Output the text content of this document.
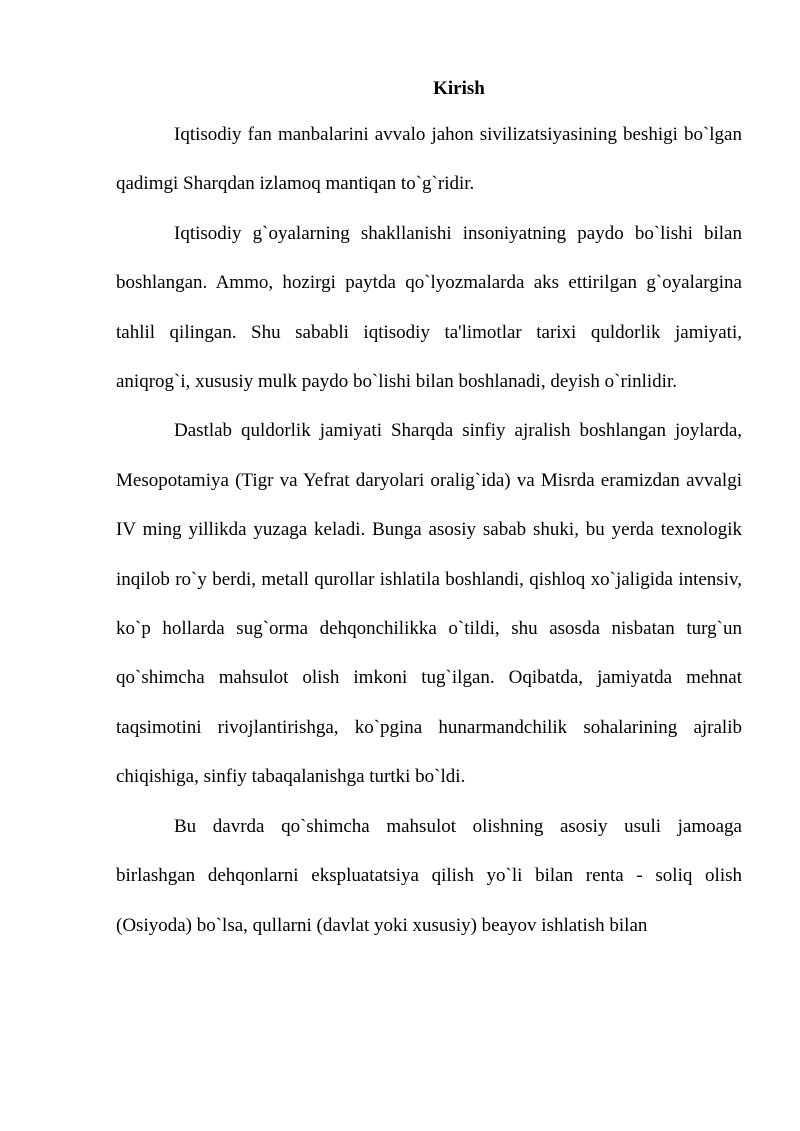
Kirish

Iqtisodiy fan manbalarini avvalo jahon sivilizatsiyasining beshigi bo`lgan qadimgi Sharqdan izlamoq mantiqan to`g`ridir.

Iqtisodiy g`oyalarning shakllanishi insoniyatning paydo bo`lishi bilan boshlangan. Ammo, hozirgi paytda qo`lyozmalarda aks ettirilgan g`oyalargina tahlil qilingan. Shu sababli iqtisodiy ta'limotlar tarixi quldorlik jamiyati, aniqrog`i, xususiy mulk paydo bo`lishi bilan boshlanadi, deyish o`rinlidir.

Dastlab quldorlik jamiyati Sharqda sinfiy ajralish boshlangan joylarda, Mesopotamiya (Tigr va Yefrat daryolari oralig`ida) va Misrda eramizdan avvalgi IV ming yillikda yuzaga keladi. Bunga asosiy sabab shuki, bu yerda texnologik inqilob ro`y berdi, metall qurollar ishlatila boshlandi, qishloq xo`jaligida intensiv, ko`p hollarda sug`orma dehqonchilikka o`tildi, shu asosda nisbatan turg`un qo`shimcha mahsulot olish imkoni tug`ilgan. Oqibatda, jamiyatda mehnat taqsimotini rivojlantirishga, ko`pgina hunarmandchilik sohalarining ajralib chiqishiga, sinfiy tabaqalanishga turtki bo`ldi.

Bu davrda qo`shimcha mahsulot olishning asosiy usuli jamoaga birlashgan dehqonlarni ekspluatatsiya qilish yo`li bilan renta - soliq olish (Osiyoda) bo`lsa, qullarni (davlat yoki xususiy) beayov ishlatish bilan
